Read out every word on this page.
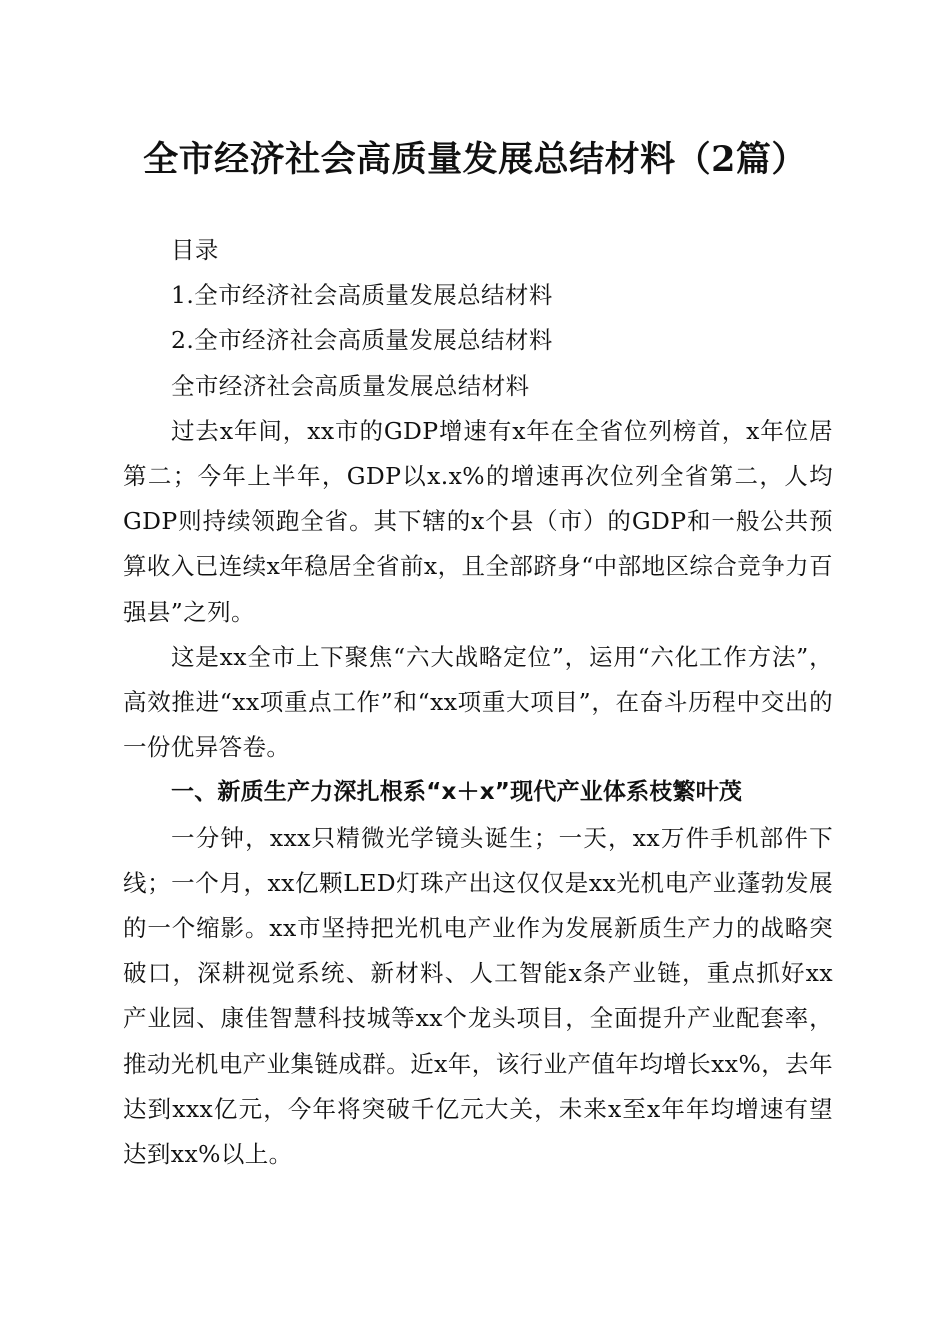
全市经济社会高质量发展总结材料（2篇）

目录

1.全市经济社会高质量发展总结材料

2.全市经济社会高质量发展总结材料

全市经济社会高质量发展总结材料

过去x年间，xx市的GDP增速有x年在全省位列榜首，x年位居第二；今年上半年，GDP以x.x%的增速再次位列全省第二，人均GDP则持续领跑全省。其下辖的x个县（市）的GDP和一般公共预算收入已连续x年稳居全省前x，且全部跻身“中部地区综合竞争力百强县”之列。

这是xx全市上下聚焦“六大战略定位”，运用“六化工作方法”，高效推进“xx项重点工作”和“xx项重大项目”，在奋斗历程中交出的一份优异答卷。

一、新质生产力深扎根系“x＋x”现代产业体系枝繁叶茂

一分钟，xxx只精微光学镜头诞生；一天，xx万件手机部件下线；一个月，xx亿颗LED灯珠产出这仅仅是xx光机电产业蓬勃发展的一个缩影。xx市坚持把光机电产业作为发展新质生产力的战略突破口，深耕视觉系统、新材料、人工智能x条产业链，重点抓好xx产业园、康佳智慧科技城等xx个龙头项目，全面提升产业配套率，推动光机电产业集链成群。近x年，该行业产值年均增长xx%，去年达到xxx亿元，今年将突破千亿元大关，未来x至x年年均增速有望达到xx%以上。
